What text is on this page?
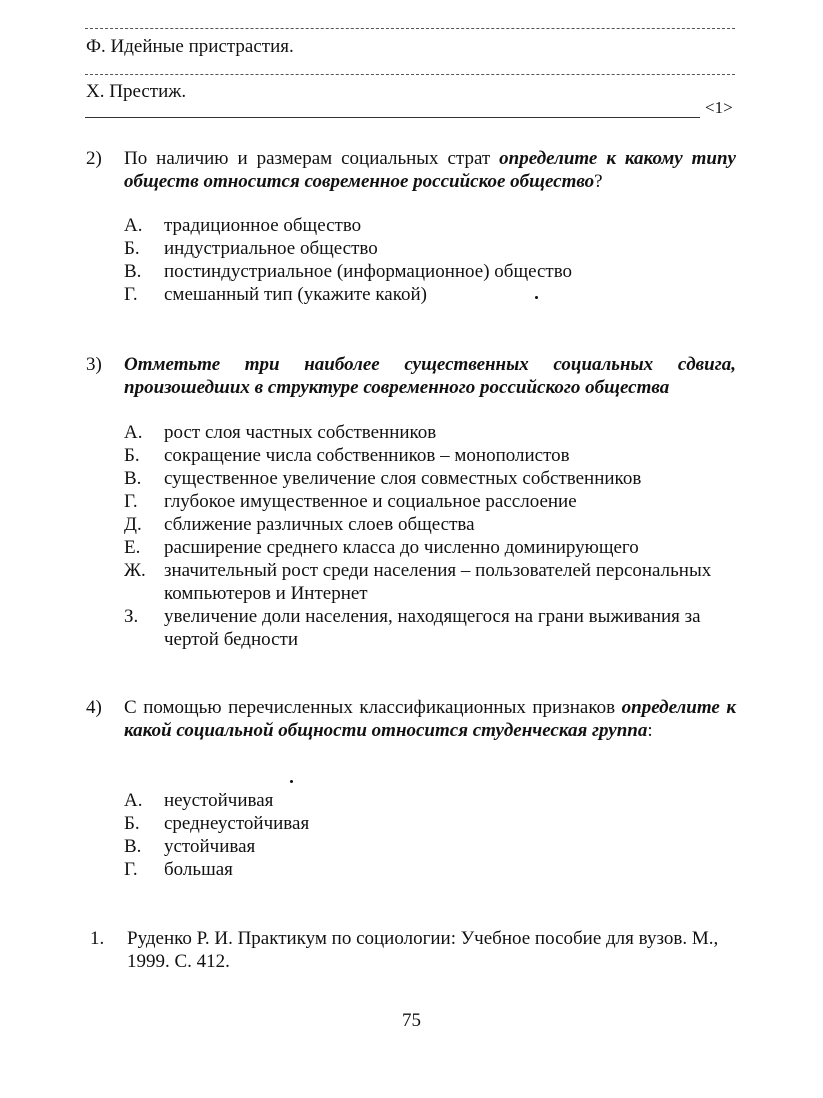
Ф. Идейные пристрастия.
Х. Престиж.
<1>
2) По наличию и размерам социальных страт определите к какому типу обществ относится современное российское общество?
А. традиционное общество
Б. индустриальное общество
В. постиндустриальное (информационное) общество
Г. смешанный тип (укажите какой)
3) Отметьте три наиболее существенных социальных сдвига, произошедших в структуре современного российского общества
А. рост слоя частных собственников
Б. сокращение числа собственников – монополистов
В. существенное увеличение слоя совместных собственников
Г. глубокое имущественное и социальное расслоение
Д. сближение различных слоев общества
Е. расширение среднего класса до численно доминирующего
Ж. значительный рост среди населения – пользователей персональных компьютеров и Интернет
З. увеличение доли населения, находящегося на грани выживания за чертой бедности
4) С помощью перечисленных классификационных признаков определите к какой социальной общности относится студенческая группа:
А. неустойчивая
Б. среднеустойчивая
В. устойчивая
Г. большая
1. Руденко Р. И. Практикум по социологии: Учебное пособие для вузов. М., 1999. С. 412.
75
